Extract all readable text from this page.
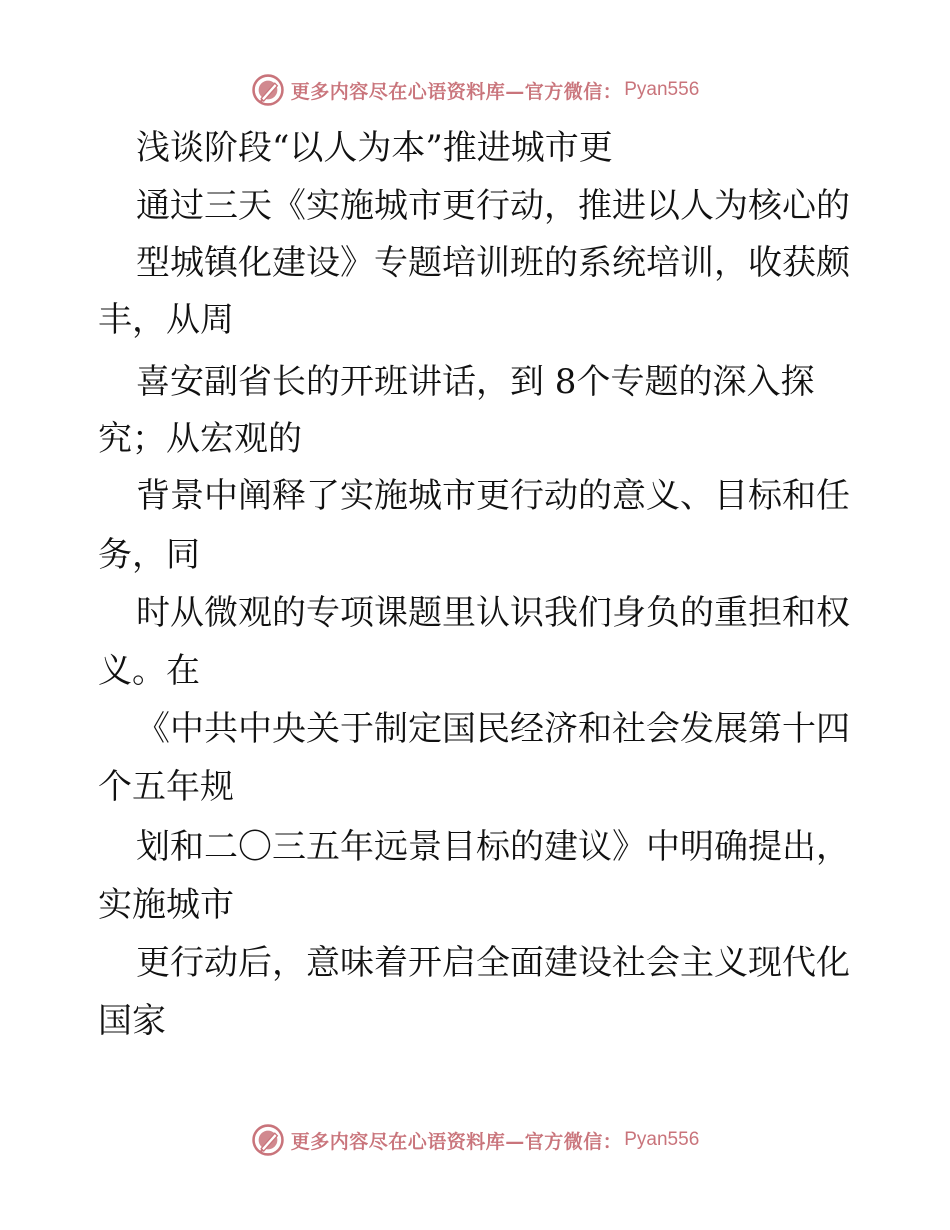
更多内容尽在心语资料库—官方微信： Pyan556
浅谈阶段“以人为本”推进城市更
通过三天《实施城市更行动，推进以人为核心的
型城镇化建设》专题培训班的系统培训，收获颇
丰，从周
喜安副省长的开班讲话，到 8个专题的深入探
究；从宏观的
背景中阐释了实施城市更行动的意义、目标和任
务，同
时从微观的专项课题里认识我们身负的重担和权
义。在
《中共中央关于制定国民经济和社会发展第十四
个五年规
划和二〇三五年远景目标的建议》中明确提出，
实施城市
更行动后，意味着开启全面建设社会主义现代化
国家
更多内容尽在心语资料库—官方微信： Pyan556
